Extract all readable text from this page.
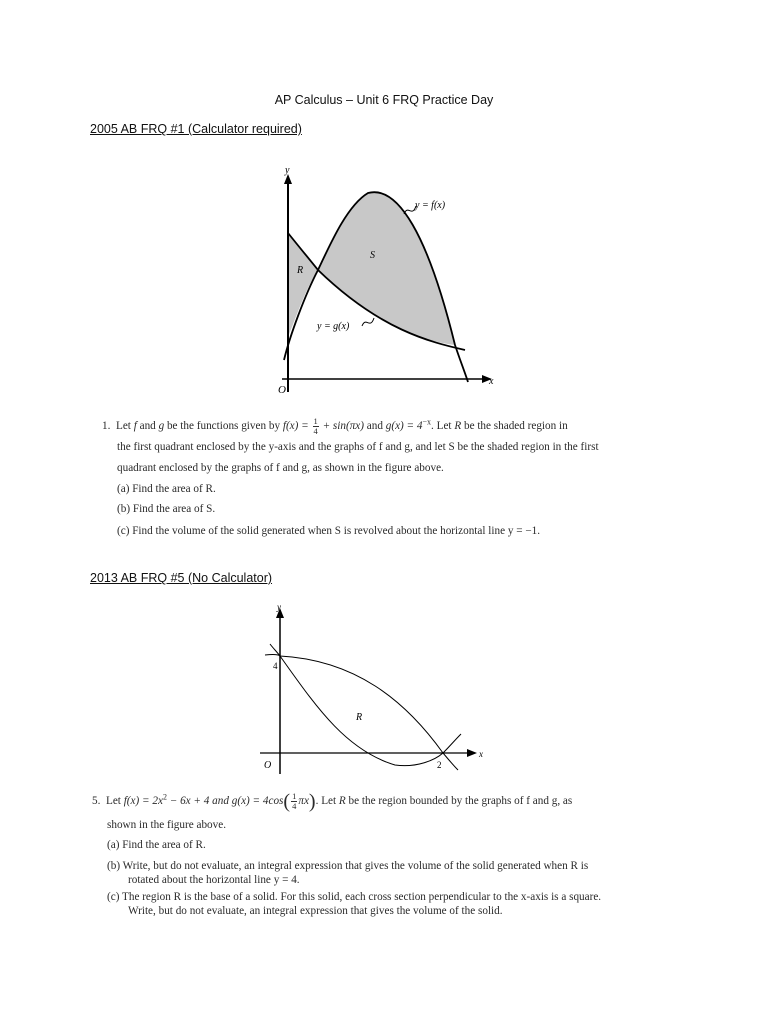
AP Calculus – Unit 6 FRQ Practice Day
2005 AB FRQ #1 (Calculator required)
y
x
O
R
S
y = f(x)
y = g(x)
1. Let f and g be the functions given by $f(x) = \frac{1}{4} + \sin(\pi x)$ and $g(x) = 4^{-x}$. Let R be the shaded region in
the first quadrant enclosed by the y-axis and the graphs of f and g, and let S be the shaded region in the first
quadrant enclosed by the graphs of f and g, as shown in the figure above.
(a) Find the area of R.
(b) Find the area of S.
(c) Find the volume of the solid generated when S is revolved about the horizontal line y = −1.
2013 AB FRQ #5 (No Calculator)
y
x
O
4
2
R
5. Let $f(x) = 2x^2 - 6x + 4$ and $g(x) = 4\cos( \frac{1}{4} \pi x)$. Let R be the region bounded by the graphs of f and g, as
shown in the figure above.
(a) Find the area of R.
(b) Write, but do not evaluate, an integral expression that gives the volume of the solid generated when R is
rotated about the horizontal line y = 4.
(c) The region R is the base of a solid. For this solid, each cross section perpendicular to the x-axis is a square.
Write, but do not evaluate, an integral expression that gives the volume of the solid.
